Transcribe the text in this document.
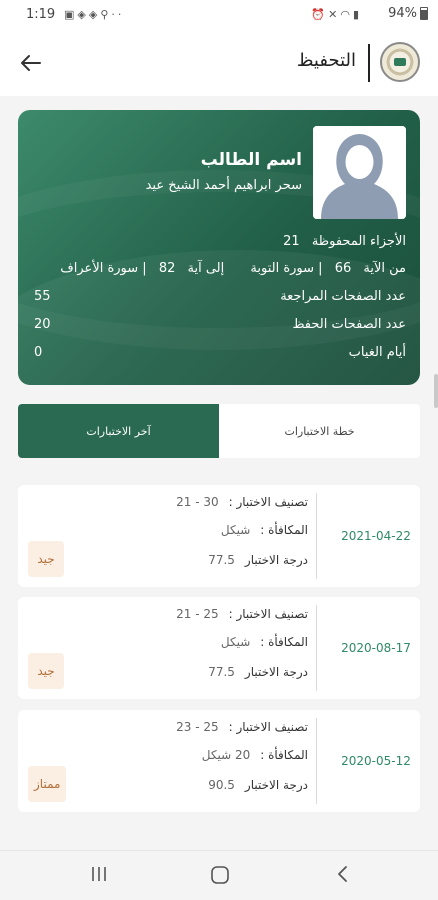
1:19 ▣◈◈⚲··	⏰✕◠▮ 94%
التحفيظ
اسم الطالب
سحر ابراهيم أحمد الشيخ عيد
الأجزاء المحفوظة 21
من الآية 66 | سورة التوبة إلى آية 82 | سورة الأعراف
عدد الصفحات المراجعة
55
عدد الصفحات الحفظ
20
أيام الغياب
0
آخر الاختبارات	خطة الاختبارات
2021-04-22
تصنيف الاختبار :30 - 21
المكافأة :شيكل
درجة الاختبار77.5
جيد
2020-08-17
تصنيف الاختبار :25 - 21
المكافأة :شيكل
درجة الاختبار77.5
جيد
2020-05-12
تصنيف الاختبار :25 - 23
المكافأة :20 شيكل
درجة الاختبار90.5
ممتاز
